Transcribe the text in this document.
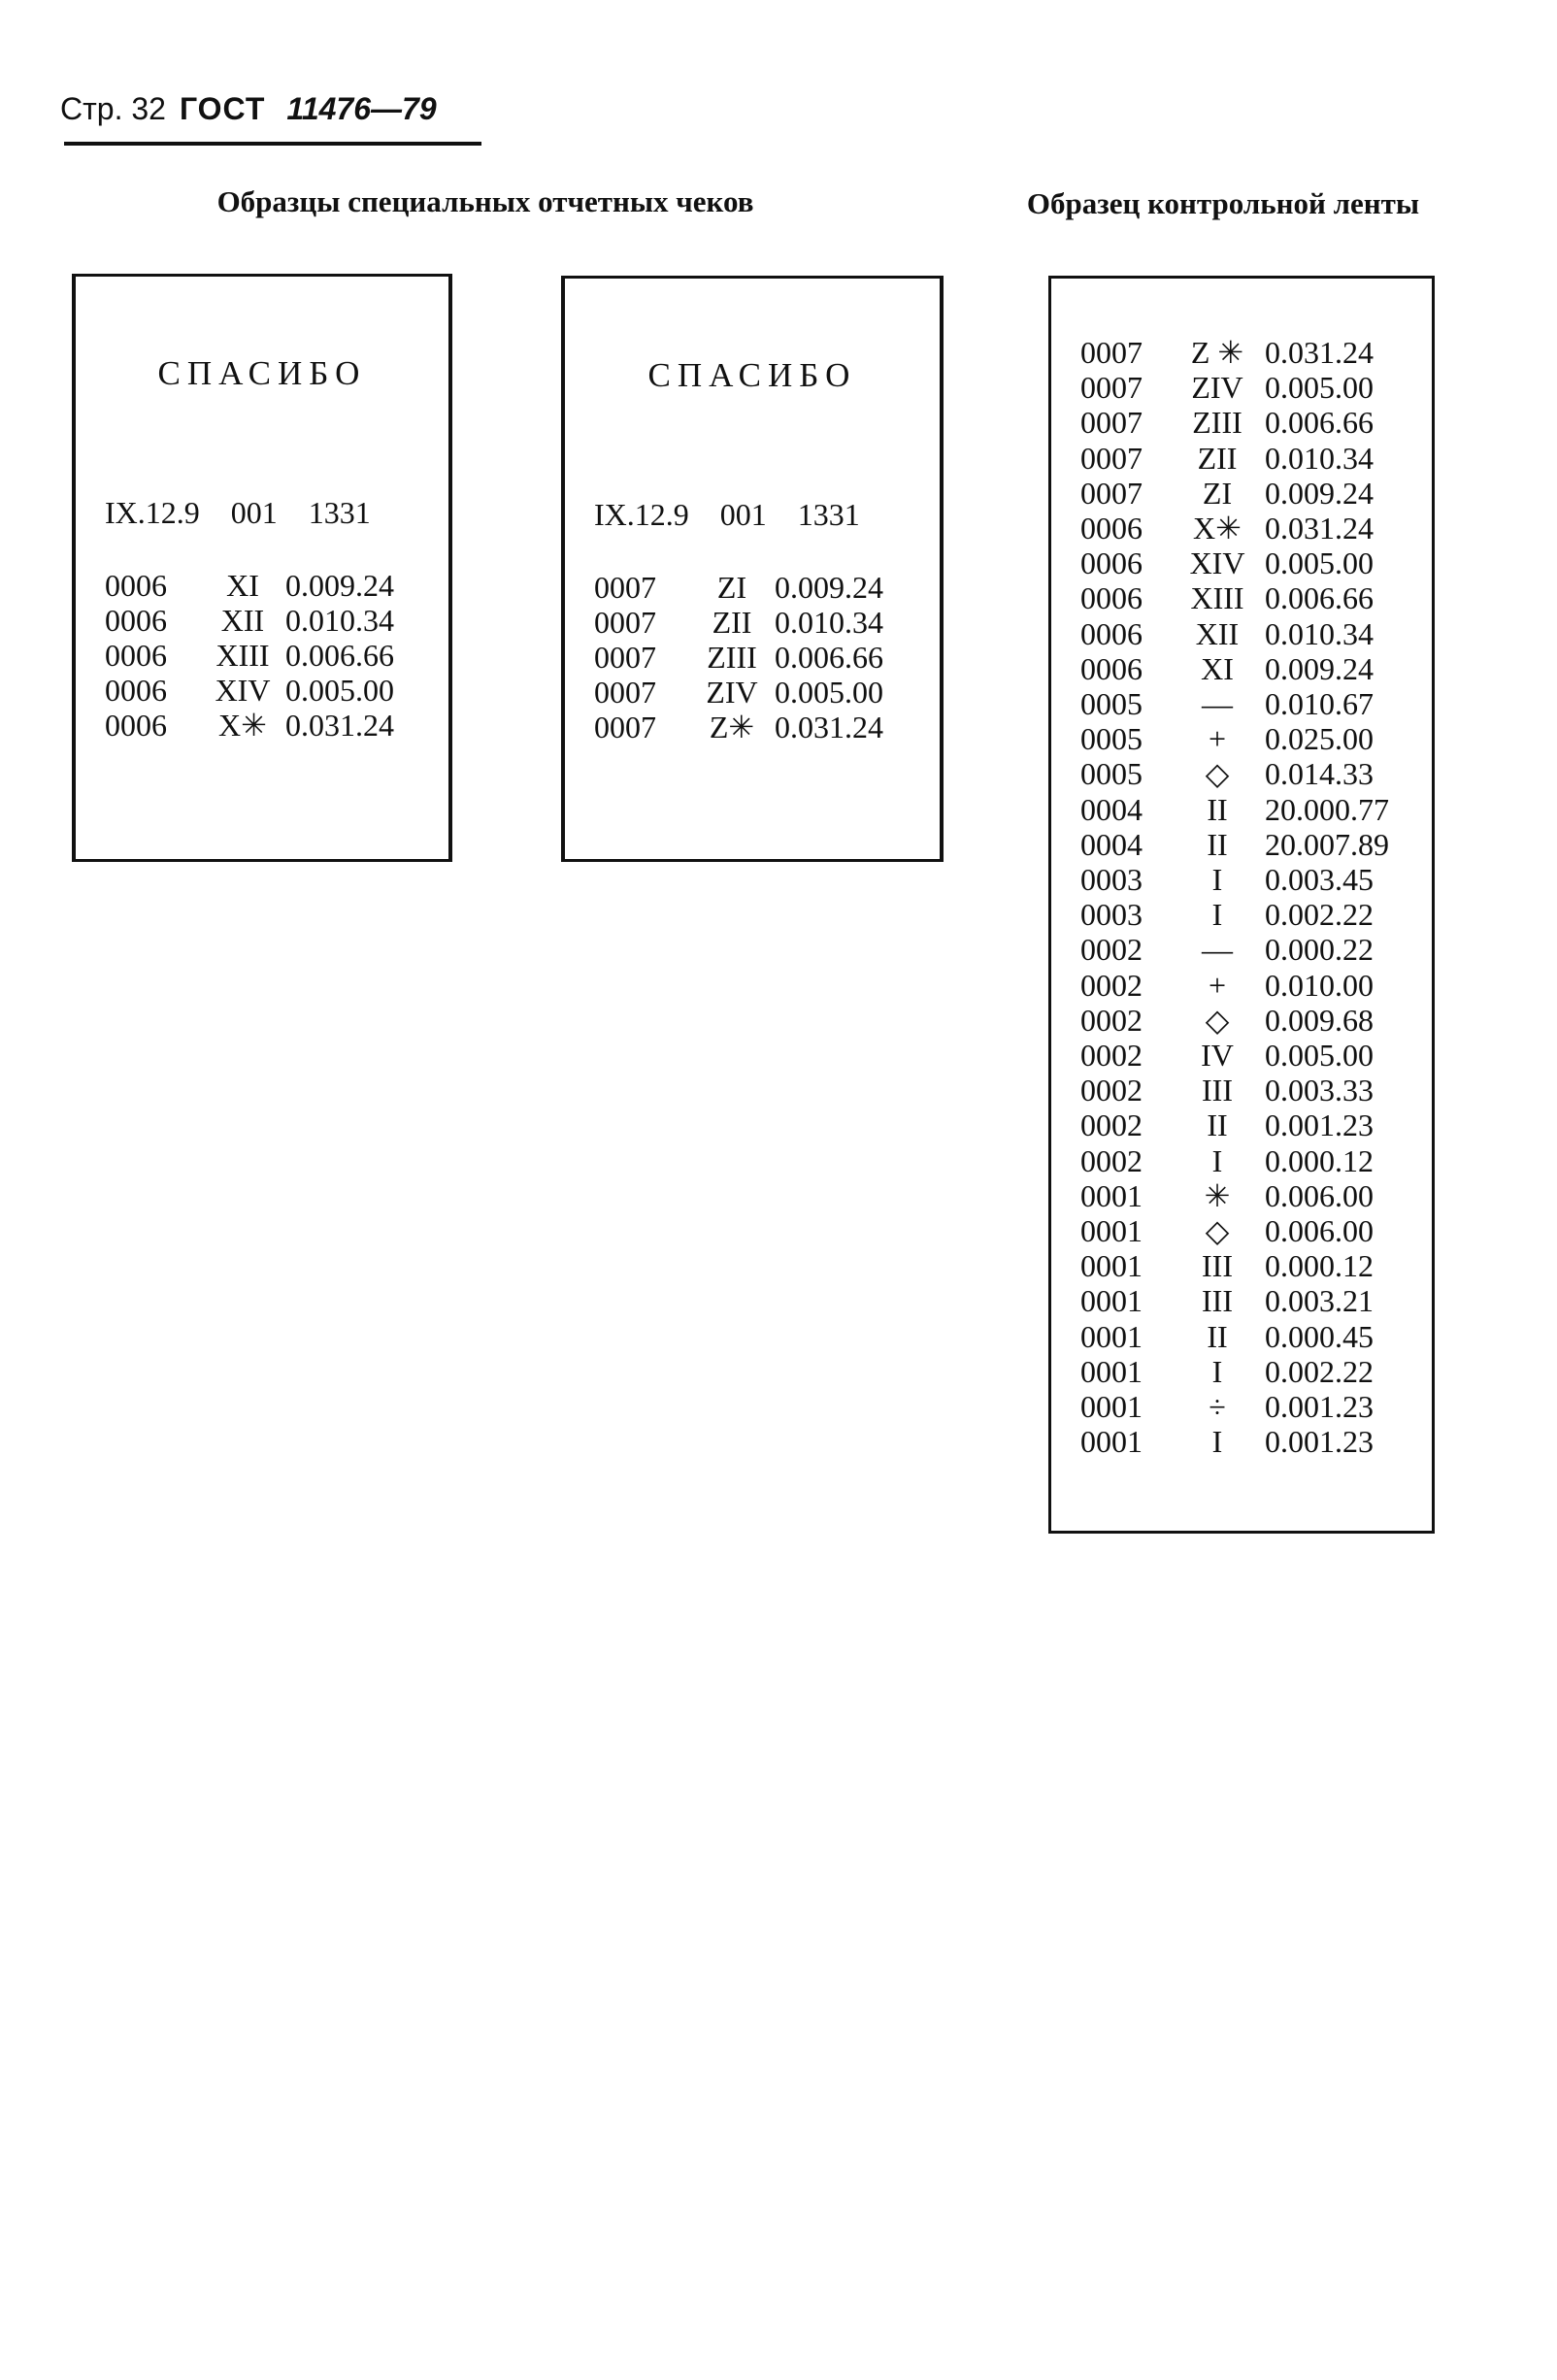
Стр. 32 ГОСТ 11476—79
Образцы специальных отчетных чеков	Образец контрольной ленты
СПАСИБО
IX.12.9 001 1331
0006 XI 0.009.24
0006 XII 0.010.34
0006 XIII 0.006.66
0006 XIV 0.005.00
0006 X✳ 0.031.24
СПАСИБО
IX.12.9 001 1331
0007 ZI 0.009.24
0007 ZII 0.010.34
0007 ZIII 0.006.66
0007 ZIV 0.005.00
0007 Z✳ 0.031.24
0007 Z ✳ 0.031.24
0007 ZIV 0.005.00
0007 ZIII 0.006.66
0007 ZII 0.010.34
0007 ZI 0.009.24
0006 X✳ 0.031.24
0006 XIV 0.005.00
0006 XIII 0.006.66
0006 XII 0.010.34
0006 XI 0.009.24
0005 — 0.010.67
0005 + 0.025.00
0005 ◇ 0.014.33
0004 II 20.000.77
0004 II 20.007.89
0003 I 0.003.45
0003 I 0.002.22
0002 — 0.000.22
0002 + 0.010.00
0002 ◇ 0.009.68
0002 IV 0.005.00
0002 III 0.003.33
0002 II 0.001.23
0002 I 0.000.12
0001 ✳ 0.006.00
0001 ◇ 0.006.00
0001 III 0.000.12
0001 III 0.003.21
0001 II 0.000.45
0001 I 0.002.22
0001 ÷ 0.001.23
0001 I 0.001.23
